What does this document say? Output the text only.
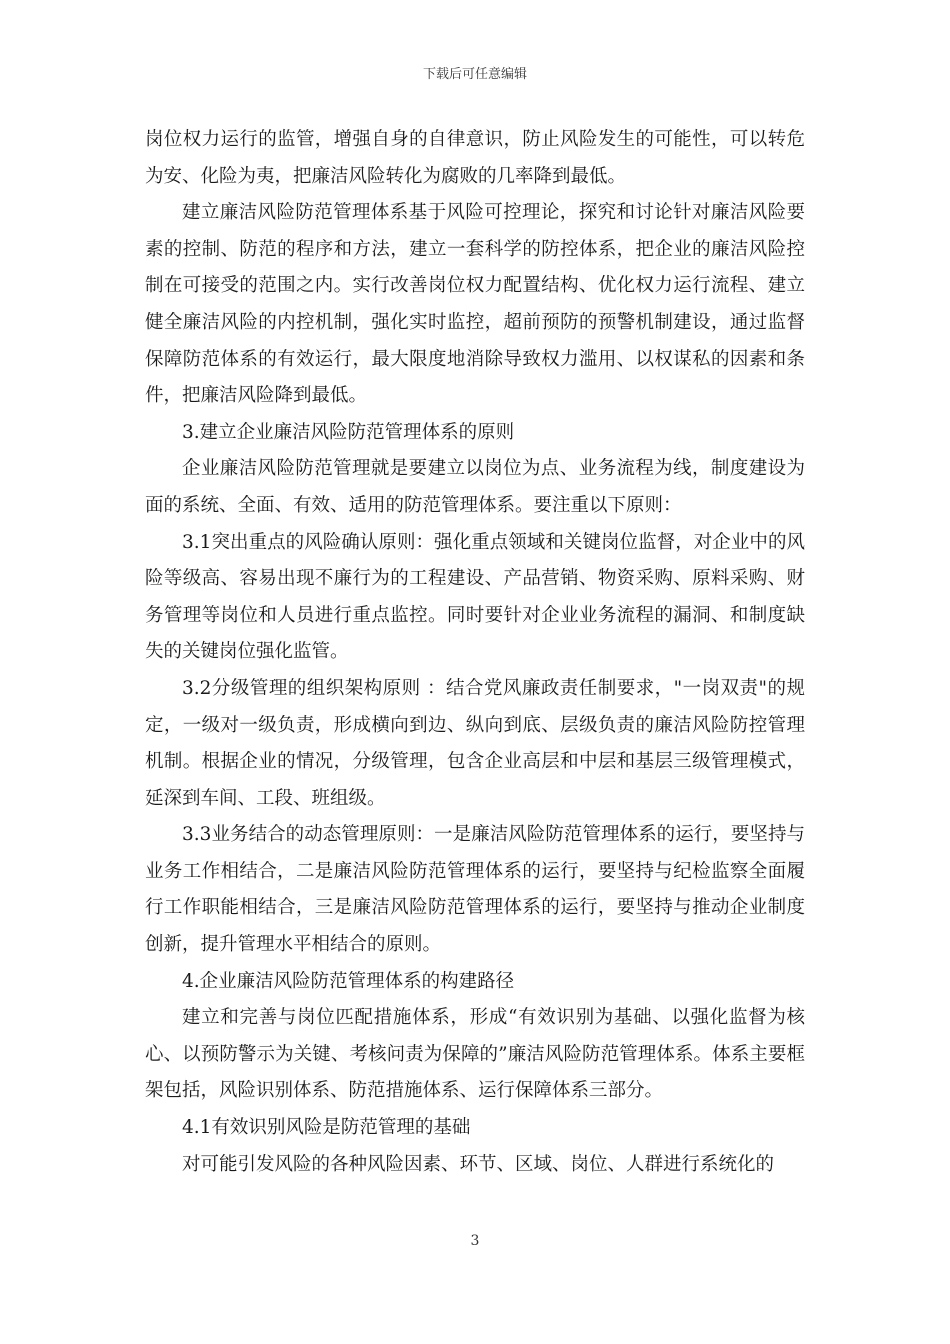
下载后可任意编辑

岗位权力运行的监管，增强自身的自律意识，防止风险发生的可能性，可以转危为安、化险为夷，把廉洁风险转化为腐败的几率降到最低。

建立廉洁风险防范管理体系基于风险可控理论，探究和讨论针对廉洁风险要素的控制、防范的程序和方法，建立一套科学的防控体系，把企业的廉洁风险控制在可接受的范围之内。实行改善岗位权力配置结构、优化权力运行流程、建立健全廉洁风险的内控机制，强化实时监控，超前预防的预警机制建设，通过监督保障防范体系的有效运行，最大限度地消除导致权力滥用、以权谋私的因素和条件，把廉洁风险降到最低。

3.建立企业廉洁风险防范管理体系的原则

企业廉洁风险防范管理就是要建立以岗位为点、业务流程为线，制度建设为面的系统、全面、有效、适用的防范管理体系。要注重以下原则：

3.1突出重点的风险确认原则：强化重点领域和关键岗位监督，对企业中的风险等级高、容易出现不廉行为的工程建设、产品营销、物资采购、原料采购、财务管理等岗位和人员进行重点监控。同时要针对企业业务流程的漏洞、和制度缺失的关键岗位强化监管。

3.2分级管理的组织架构原则 ：结合党风廉政责任制要求，"一岗双责"的规定，一级对一级负责，形成横向到边、纵向到底、层级负责的廉洁风险防控管理机制。根据企业的情况，分级管理，包含企业高层和中层和基层三级管理模式，延深到车间、工段、班组级。

3.3业务结合的动态管理原则：一是廉洁风险防范管理体系的运行，要坚持与业务工作相结合，二是廉洁风险防范管理体系的运行，要坚持与纪检监察全面履行工作职能相结合，三是廉洁风险防范管理体系的运行，要坚持与推动企业制度创新，提升管理水平相结合的原则。

4.企业廉洁风险防范管理体系的构建路径

建立和完善与岗位匹配措施体系，形成“有效识别为基础、以强化监督为核心、以预防警示为关键、考核问责为保障的”廉洁风险防范管理体系。体系主要框架包括，风险识别体系、防范措施体系、运行保障体系三部分。

4.1有效识别风险是防范管理的基础

对可能引发风险的各种风险因素、环节、区域、岗位、人群进行系统化的

3
